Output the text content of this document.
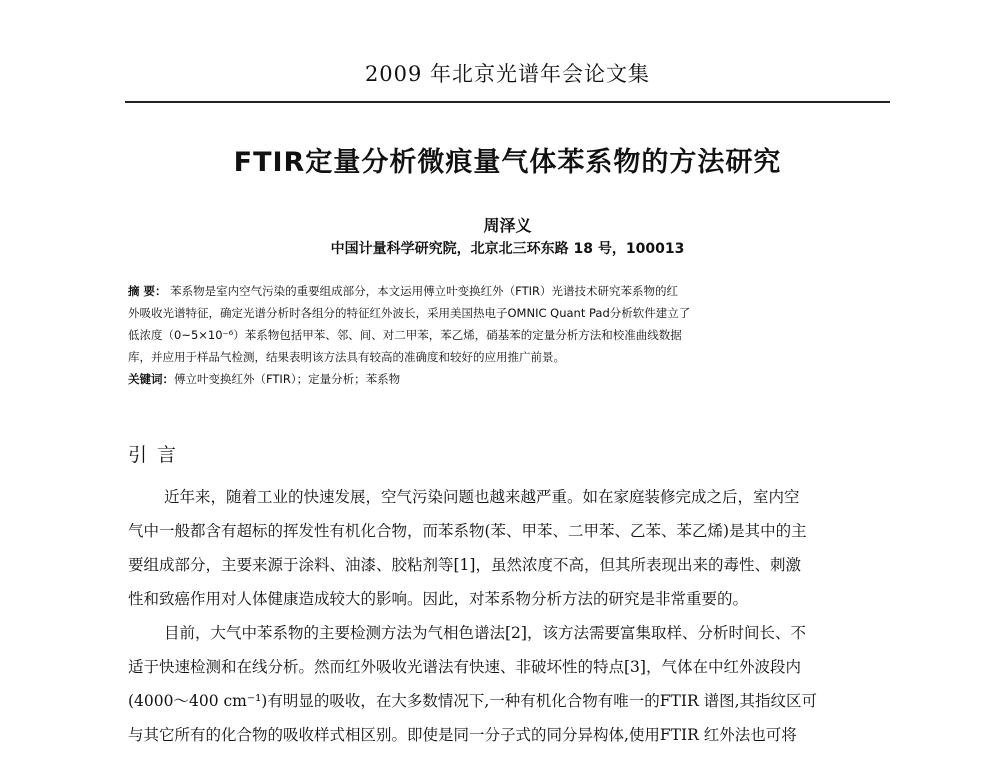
2009 年北京光谱年会论文集
FTIR定量分析微痕量气体苯系物的方法研究
周泽义
中国计量科学研究院，北京北三环东路 18 号，100013
摘 要： 苯系物是室内空气污染的重要组成部分，本文运用傅立叶变换红外（FTIR）光谱技术研究苯系物的红
外吸收光谱特征，确定光谱分析时各组分的特征红外波长，采用美国热电子OMNIC Quant Pad分析软件建立了
低浓度（0~5×10⁻⁶）苯系物包括甲苯、邻、间、对二甲苯，苯乙烯，硝基苯的定量分析方法和校准曲线数据
库，并应用于样品气检测，结果表明该方法具有较高的准确度和较好的应用推广前景。
关键词：傅立叶变换红外（FTIR）；定量分析；苯系物
引 言
近年来，随着工业的快速发展，空气污染问题也越来越严重。如在家庭装修完成之后，室内空
气中一般都含有超标的挥发性有机化合物，而苯系物(苯、甲苯、二甲苯、乙苯、苯乙烯)是其中的主
要组成部分，主要来源于涂料、油漆、胶粘剂等[1]，虽然浓度不高，但其所表现出来的毒性、刺激
性和致癌作用对人体健康造成较大的影响。因此，对苯系物分析方法的研究是非常重要的。
目前，大气中苯系物的主要检测方法为气相色谱法[2]，该方法需要富集取样、分析时间长、不
适于快速检测和在线分析。然而红外吸收光谱法有快速、非破坏性的特点[3]，气体在中红外波段内
(4000～400 cm⁻¹)有明显的吸收，在大多数情况下,一种有机化合物有唯一的FTIR 谱图,其指纹区可
与其它所有的化合物的吸收样式相区别。即使是同一分子式的同分异构体,使用FTIR 红外法也可将
